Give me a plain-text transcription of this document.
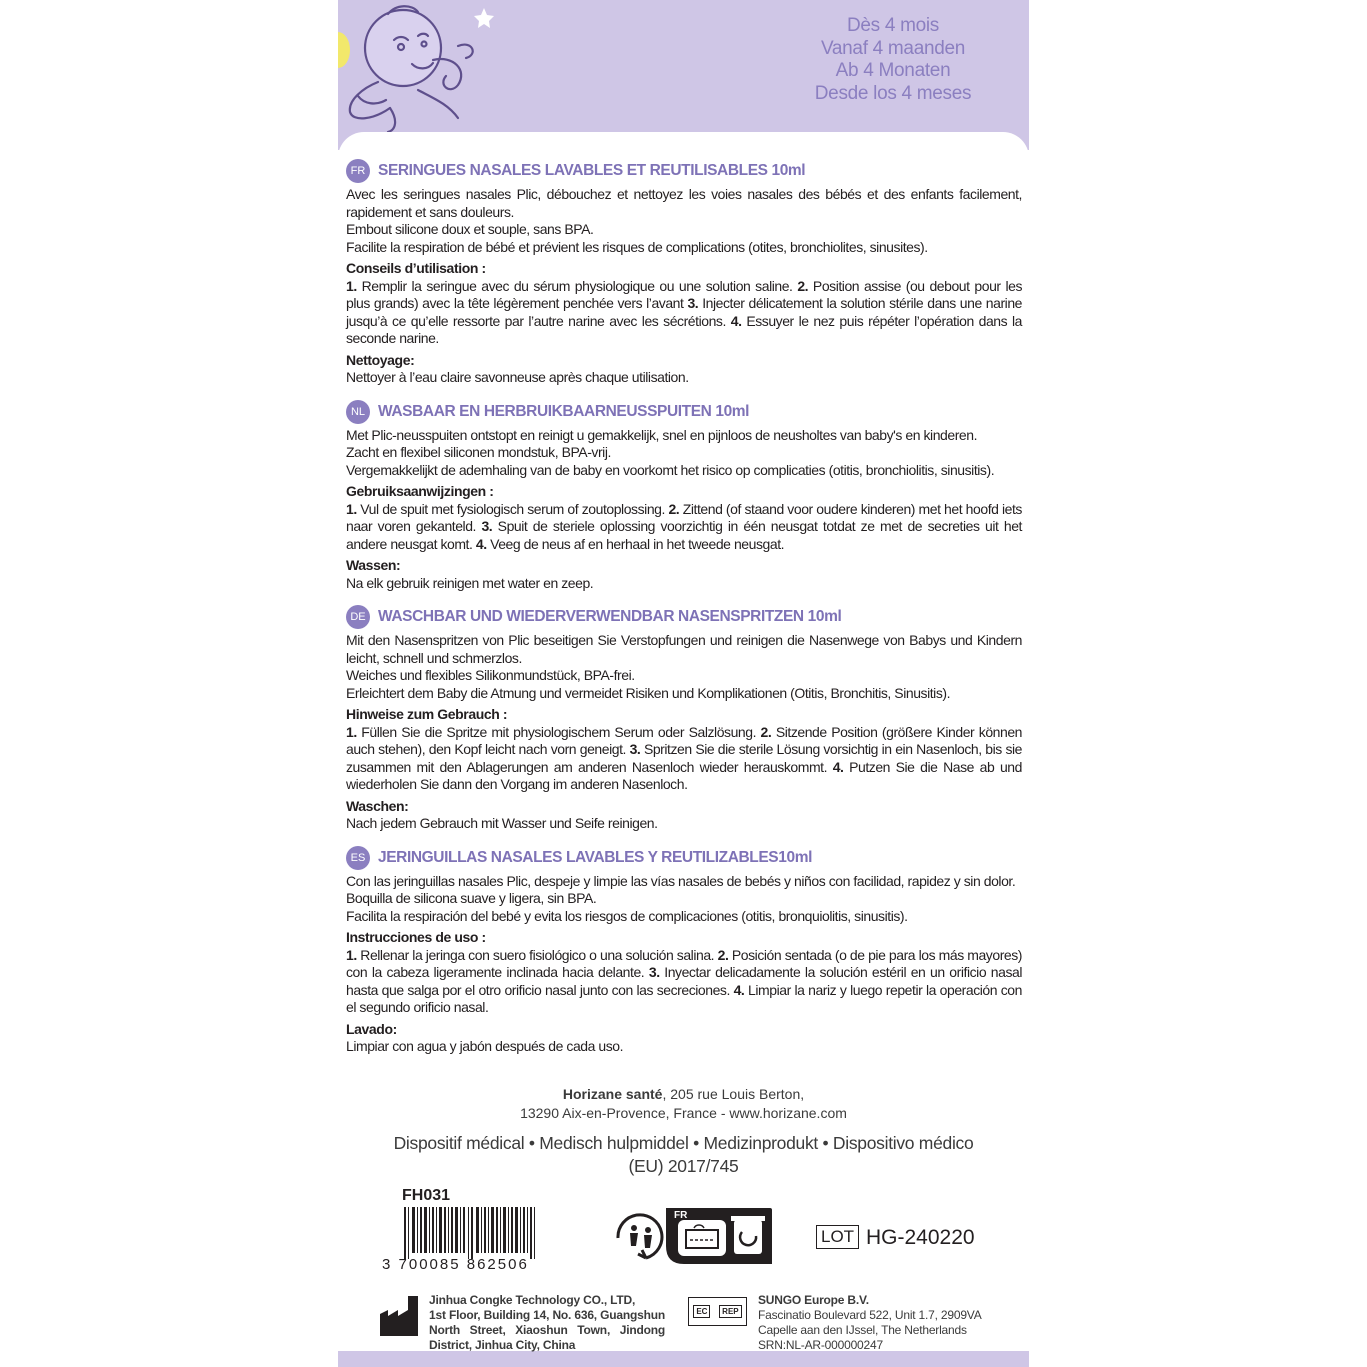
Dès 4 mois
Vanaf 4 maanden
Ab 4 Monaten
Desde los 4 meses
FR SERINGUES NASALES LAVABLES ET REUTILISABLES 10ml
Avec les seringues nasales Plic, débouchez et nettoyez les voies nasales des bébés et des enfants facilement, rapidement et sans douleurs.
Embout silicone doux et souple, sans BPA.
Facilite la respiration de bébé et prévient les risques de complications (otites, bronchiolites, sinusites).
Conseils d’utilisation :
1. Remplir la seringue avec du sérum physiologique ou une solution saline. 2. Position assise (ou debout pour les plus grands) avec la tête légèrement penchée vers l’avant 3. Injecter délicatement la solution stérile dans une narine jusqu’à ce qu’elle ressorte par l’autre narine avec les sécrétions. 4. Essuyer le nez puis répéter l’opération dans la seconde narine.
Nettoyage:
Nettoyer à l’eau claire savonneuse après chaque utilisation.
NL WASBAAR EN HERBRUIKBAARNEUSSPUITEN 10ml
Met Plic-neusspuiten ontstopt en reinigt u gemakkelijk, snel en pijnloos de neusholtes van baby's en kinderen.
Zacht en flexibel siliconen mondstuk, BPA-vrij.
Vergemakkelijkt de ademhaling van de baby en voorkomt het risico op complicaties (otitis, bronchiolitis, sinusitis).
Gebruiksaanwijzingen :
1. Vul de spuit met fysiologisch serum of zoutoplossing. 2. Zittend (of staand voor oudere kinderen) met het hoofd iets naar voren gekanteld. 3. Spuit de steriele oplossing voorzichtig in één neusgat totdat ze met de secreties uit het andere neusgat komt. 4. Veeg de neus af en herhaal in het tweede neusgat.
Wassen:
Na elk gebruik reinigen met water en zeep.
DE WASCHBAR UND WIEDERVERWENDBAR NASENSPRITZEN 10ml
Mit den Nasenspritzen von Plic beseitigen Sie Verstopfungen und reinigen die Nasenwege von Babys und Kindern leicht, schnell und schmerzlos.
Weiches und flexibles Silikonmundstück, BPA-frei.
Erleichtert dem Baby die Atmung und vermeidet Risiken und Komplikationen (Otitis, Bronchitis, Sinusitis).
Hinweise zum Gebrauch :
1. Füllen Sie die Spritze mit physiologischem Serum oder Salzlösung. 2. Sitzende Position (größere Kinder können auch stehen), den Kopf leicht nach vorn geneigt. 3. Spritzen Sie die sterile Lösung vorsichtig in ein Nasenloch, bis sie zusammen mit den Ablagerungen am anderen Nasenloch wieder herauskommt. 4. Putzen Sie die Nase ab und wiederholen Sie dann den Vorgang im anderen Nasenloch.
Waschen:
Nach jedem Gebrauch mit Wasser und Seife reinigen.
ES JERINGUILLAS NASALES LAVABLES Y REUTILIZABLES10ml
Con las jeringuillas nasales Plic, despeje y limpie las vías nasales de bebés y niños con facilidad, rapidez y sin dolor.
Boquilla de silicona suave y ligera, sin BPA.
Facilita la respiración del bebé y evita los riesgos de complicaciones (otitis, bronquiolitis, sinusitis).
Instrucciones de uso :
1. Rellenar la jeringa con suero fisiológico o una solución salina. 2. Posición sentada (o de pie para los más mayores) con la cabeza ligeramente inclinada hacia delante. 3. Inyectar delicadamente la solución estéril en un orificio nasal hasta que salga por el otro orificio nasal junto con las secreciones. 4. Limpiar la nariz y luego repetir la operación con el segundo orificio nasal.
Lavado:
Limpiar con agua y jabón después de cada uso.
Horizane santé, 205 rue Louis Berton,
13290 Aix-en-Provence, France - www.horizane.com
Dispositif médical • Medisch hulpmiddel • Medizinprodukt • Dispositivo médico
(EU) 2017/745
FH031
3 700085 862506
FR
LOT HG-240220
Jinhua Congke Technology CO., LTD,
1st Floor, Building 14, No. 636, Guangshun
North Street, Xiaoshun Town, Jindong
District, Jinhua City, China
EC	REP
SUNGO Europe B.V.
Fascinatio Boulevard 522, Unit 1.7, 2909VA
Capelle aan den IJssel, The Netherlands
SRN:NL-AR-000000247
